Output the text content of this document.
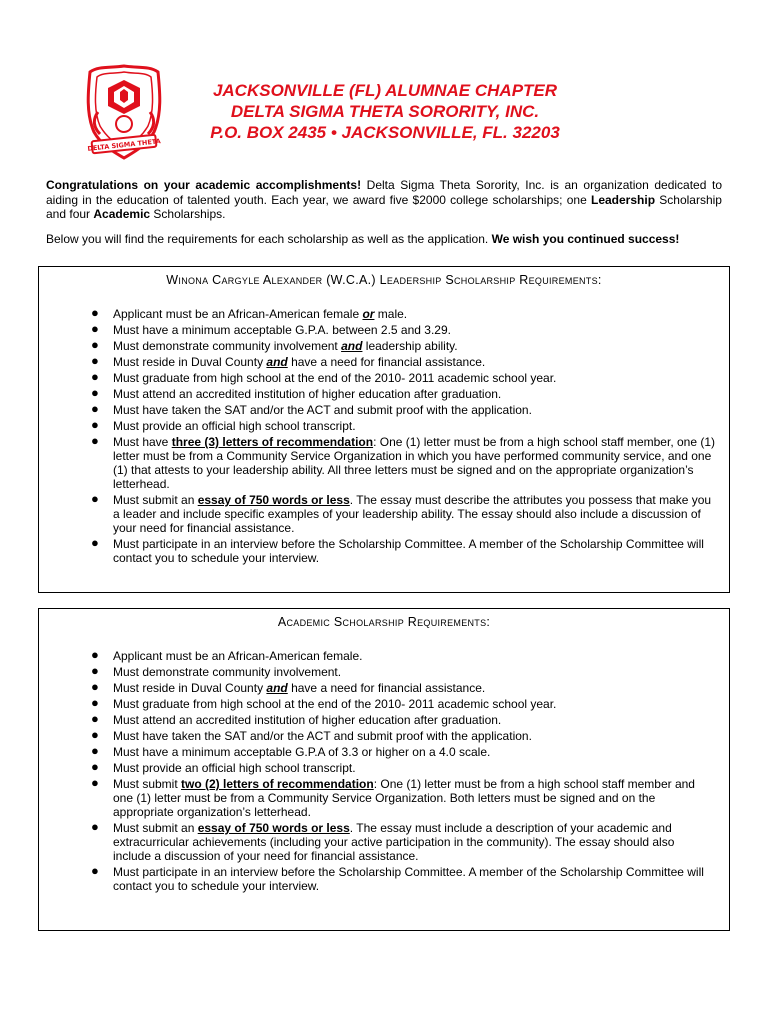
DELTA SIGMA THETA
JACKSONVILLE (FL) ALUMNAE CHAPTER
DELTA SIGMA THETA SORORITY, INC.
P.O. BOX 2435 • JACKSONVILLE, FL. 32203

Congratulations on your academic accomplishments! Delta Sigma Theta Sorority, Inc. is an organization dedicated to aiding in the education of talented youth. Each year, we award five $2000 college scholarships; one Leadership Scholarship and four Academic Scholarships.

Below you will find the requirements for each scholarship as well as the application. We wish you continued success!

Winona Cargyle Alexander (W.C.A.) Leadership Scholarship Requirements:
● Applicant must be an African-American female or male.
● Must have a minimum acceptable G.P.A. between 2.5 and 3.29.
● Must demonstrate community involvement and leadership ability.
● Must reside in Duval County and have a need for financial assistance.
● Must graduate from high school at the end of the 2010- 2011 academic school year.
● Must attend an accredited institution of higher education after graduation.
● Must have taken the SAT and/or the ACT and submit proof with the application.
● Must provide an official high school transcript.
● Must have three (3) letters of recommendation: One (1) letter must be from a high school staff member, one (1) letter must be from a Community Service Organization in which you have performed community service, and one (1) that attests to your leadership ability. All three letters must be signed and on the appropriate organization’s letterhead.
● Must submit an essay of 750 words or less. The essay must describe the attributes you possess that make you a leader and include specific examples of your leadership ability. The essay should also include a discussion of your need for financial assistance.
● Must participate in an interview before the Scholarship Committee. A member of the Scholarship Committee will contact you to schedule your interview.
Academic Scholarship Requirements:
● Applicant must be an African-American female.
● Must demonstrate community involvement.
● Must reside in Duval County and have a need for financial assistance.
● Must graduate from high school at the end of the 2010- 2011 academic school year.
● Must attend an accredited institution of higher education after graduation.
● Must have taken the SAT and/or the ACT and submit proof with the application.
● Must have a minimum acceptable G.P.A of 3.3 or higher on a 4.0 scale.
● Must provide an official high school transcript.
● Must submit two (2) letters of recommendation: One (1) letter must be from a high school staff member and one (1) letter must be from a Community Service Organization. Both letters must be signed and on the appropriate organization’s letterhead.
● Must submit an essay of 750 words or less. The essay must include a description of your academic and extracurricular achievements (including your active participation in the community). The essay should also include a discussion of your need for financial assistance.
● Must participate in an interview before the Scholarship Committee. A member of the Scholarship Committee will contact you to schedule your interview.
